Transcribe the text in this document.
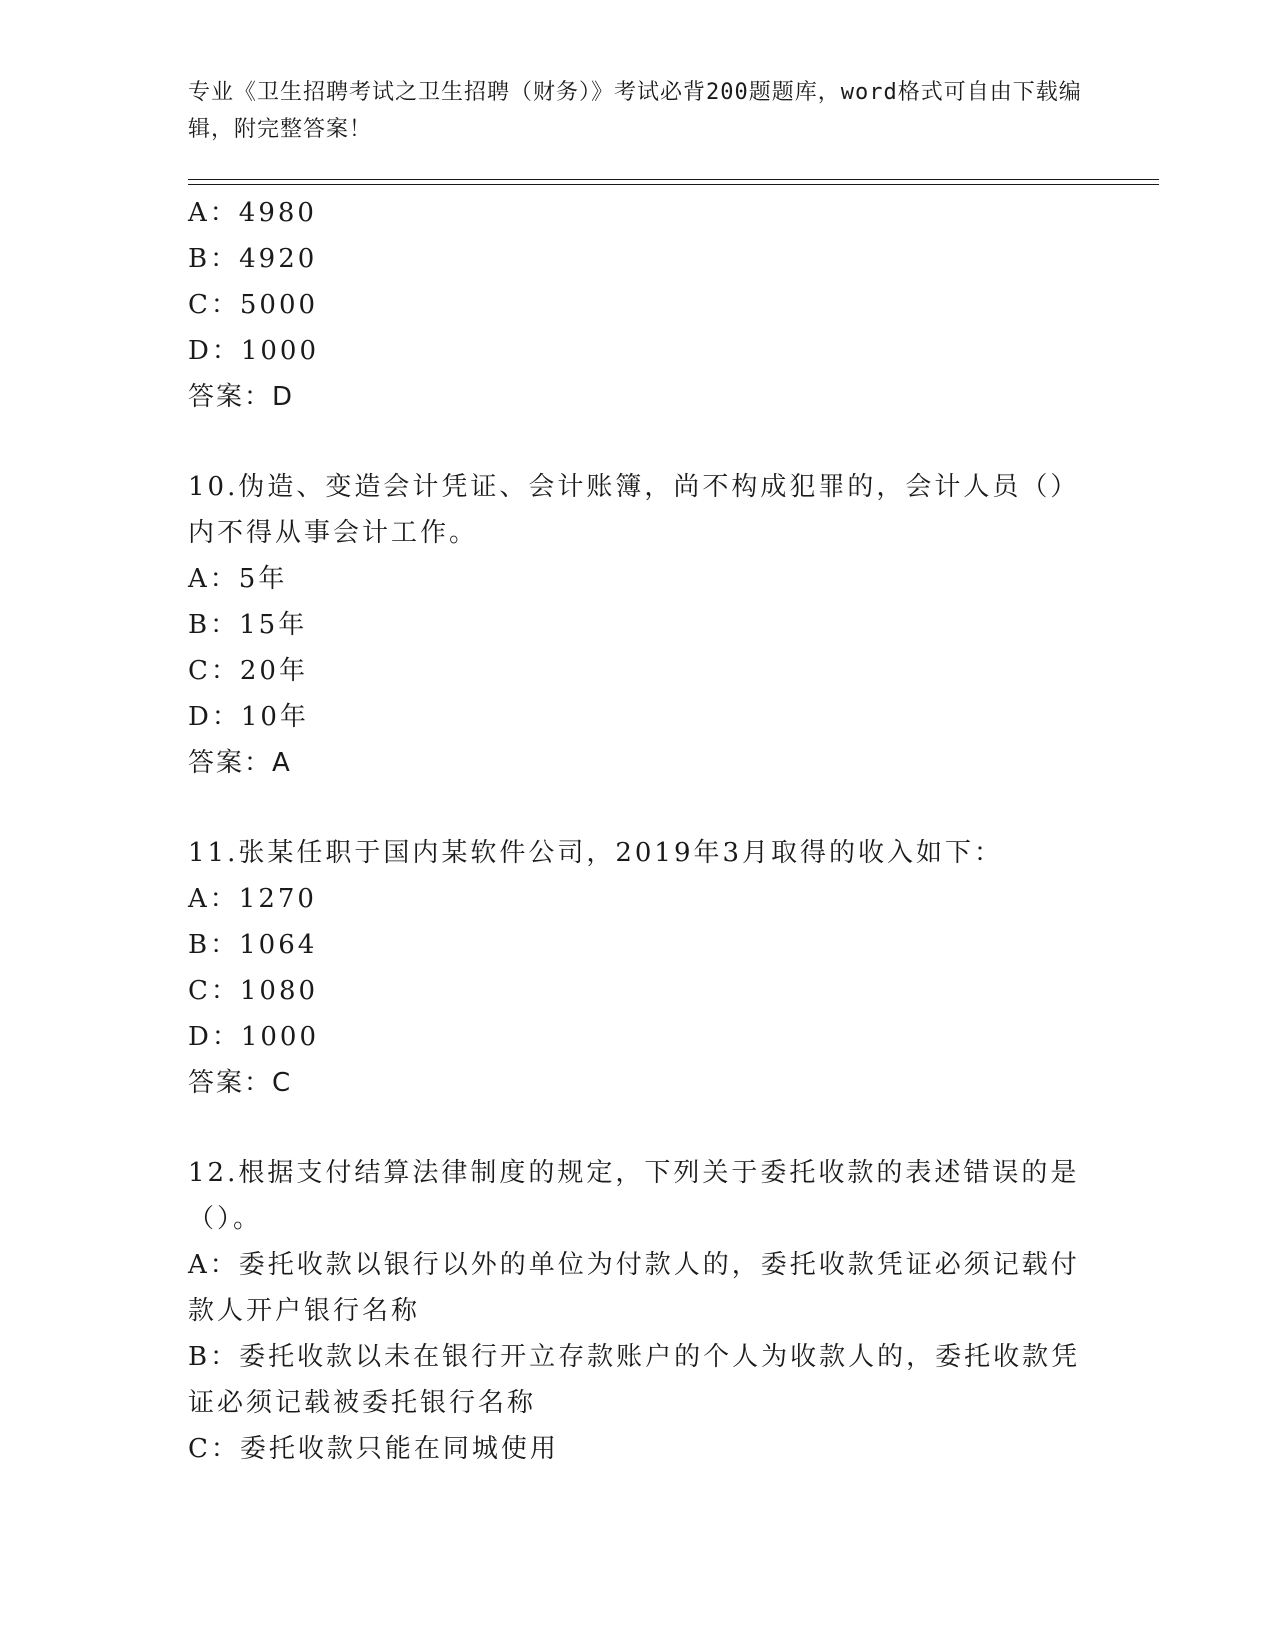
专业《卫生招聘考试之卫生招聘（财务）》考试必背200题题库，word格式可自由下载编辑，附完整答案！
A：4980
B：4920
C：5000
D：1000
答案：D
10.伪造、变造会计凭证、会计账簿，尚不构成犯罪的，会计人员（）
内不得从事会计工作。
A：5年
B：15年
C：20年
D：10年
答案：A
11.张某任职于国内某软件公司，2019年3月取得的收入如下：
A：1270
B：1064
C：1080
D：1000
答案：C
12.根据支付结算法律制度的规定，下列关于委托收款的表述错误的是
（）。
A：委托收款以银行以外的单位为付款人的，委托收款凭证必须记载付
款人开户银行名称
B：委托收款以未在银行开立存款账户的个人为收款人的，委托收款凭
证必须记载被委托银行名称
C：委托收款只能在同城使用
